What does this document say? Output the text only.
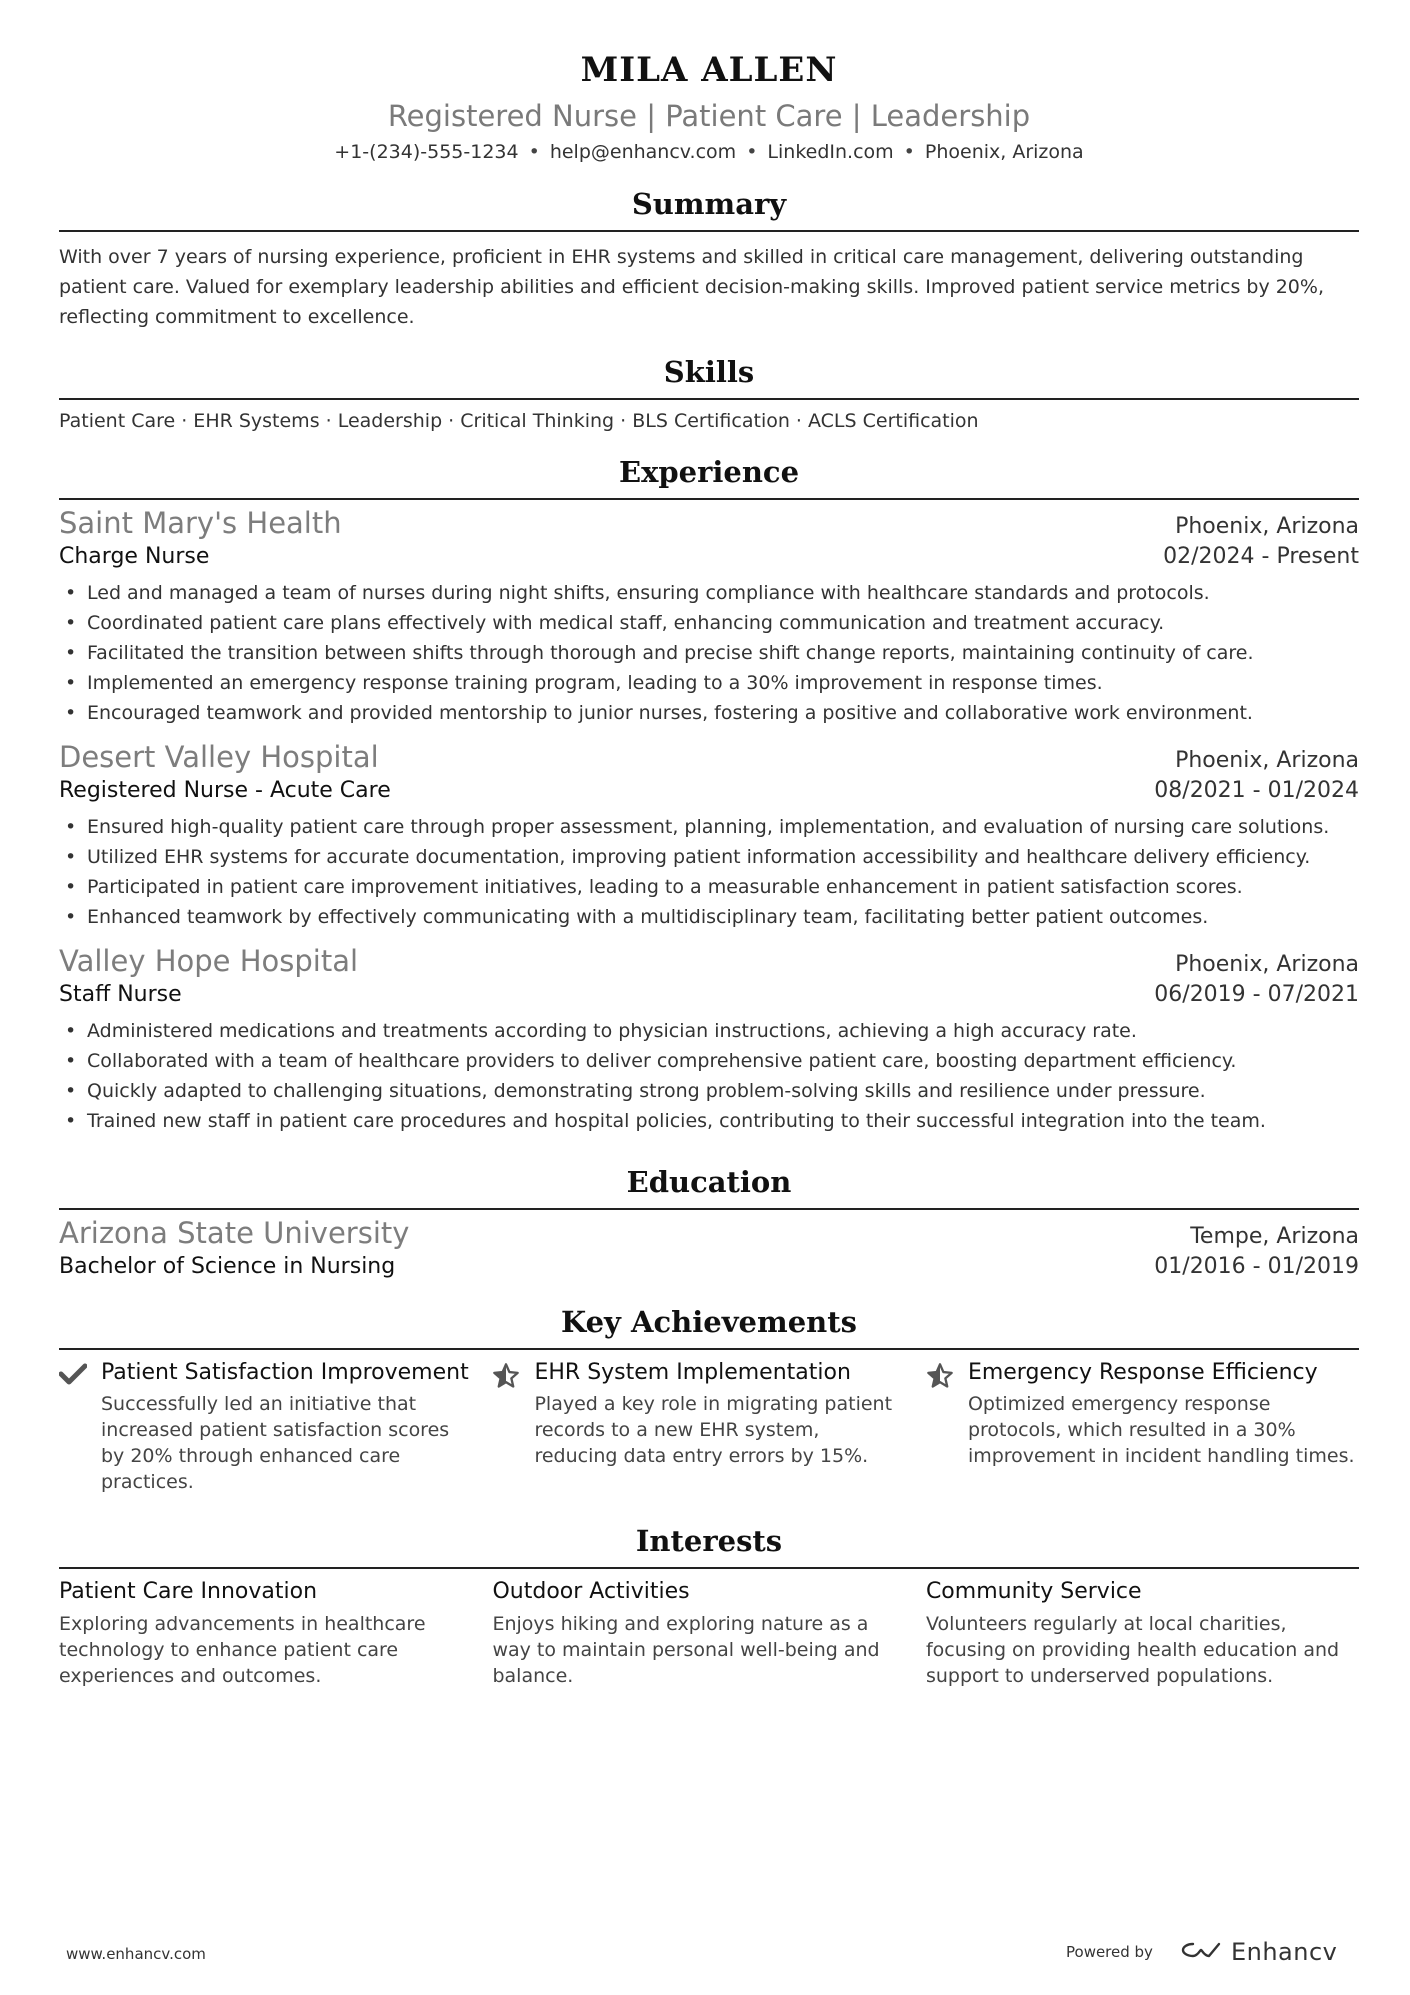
MILA ALLEN
Registered Nurse | Patient Care | Leadership
+1-(234)-555-1234 • help@enhancv.com • LinkedIn.com • Phoenix, Arizona
Summary
With over 7 years of nursing experience, proficient in EHR systems and skilled in critical care management, delivering outstanding patient care. Valued for exemplary leadership abilities and efficient decision-making skills. Improved patient service metrics by 20%, reflecting commitment to excellence.
Skills
Patient Care · EHR Systems · Leadership · Critical Thinking · BLS Certification · ACLS Certification
Experience
Saint Mary's Health	Phoenix, Arizona
Charge Nurse	02/2024 - Present
• Led and managed a team of nurses during night shifts, ensuring compliance with healthcare standards and protocols.
• Coordinated patient care plans effectively with medical staff, enhancing communication and treatment accuracy.
• Facilitated the transition between shifts through thorough and precise shift change reports, maintaining continuity of care.
• Implemented an emergency response training program, leading to a 30% improvement in response times.
• Encouraged teamwork and provided mentorship to junior nurses, fostering a positive and collaborative work environment.
Desert Valley Hospital	Phoenix, Arizona
Registered Nurse - Acute Care	08/2021 - 01/2024
• Ensured high-quality patient care through proper assessment, planning, implementation, and evaluation of nursing care solutions.
• Utilized EHR systems for accurate documentation, improving patient information accessibility and healthcare delivery efficiency.
• Participated in patient care improvement initiatives, leading to a measurable enhancement in patient satisfaction scores.
• Enhanced teamwork by effectively communicating with a multidisciplinary team, facilitating better patient outcomes.
Valley Hope Hospital	Phoenix, Arizona
Staff Nurse	06/2019 - 07/2021
• Administered medications and treatments according to physician instructions, achieving a high accuracy rate.
• Collaborated with a team of healthcare providers to deliver comprehensive patient care, boosting department efficiency.
• Quickly adapted to challenging situations, demonstrating strong problem-solving skills and resilience under pressure.
• Trained new staff in patient care procedures and hospital policies, contributing to their successful integration into the team.
Education
Arizona State University	Tempe, Arizona
Bachelor of Science in Nursing	01/2016 - 01/2019
Key Achievements
Patient Satisfaction Improvement
Successfully led an initiative that increased patient satisfaction scores by 20% through enhanced care practices.
EHR System Implementation
Played a key role in migrating patient records to a new EHR system, reducing data entry errors by 15%.
Emergency Response Efficiency
Optimized emergency response protocols, which resulted in a 30% improvement in incident handling times.
Interests
Patient Care Innovation
Exploring advancements in healthcare technology to enhance patient care experiences and outcomes.
Outdoor Activities
Enjoys hiking and exploring nature as a way to maintain personal well-being and balance.
Community Service
Volunteers regularly at local charities, focusing on providing health education and support to underserved populations.
www.enhancv.com	Powered by	Enhancv
